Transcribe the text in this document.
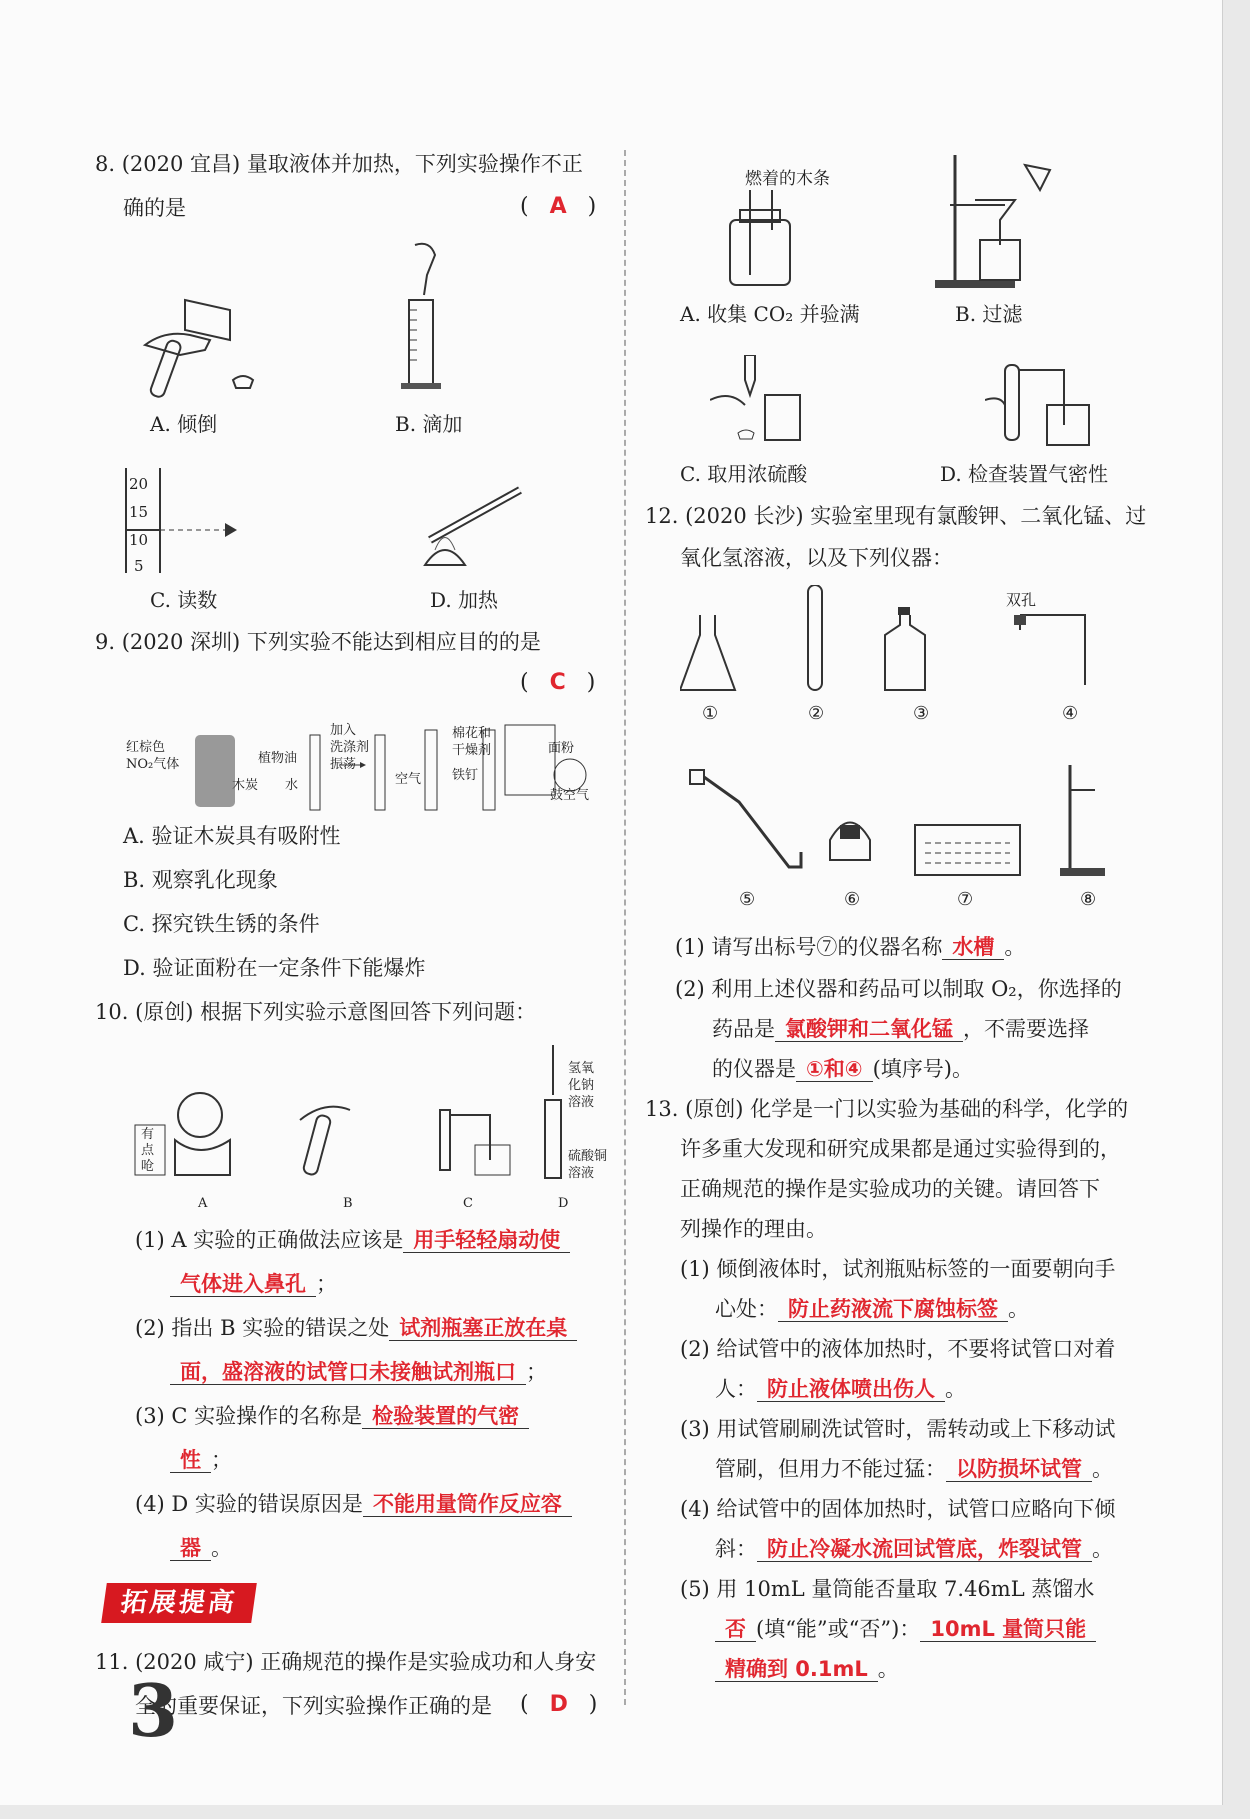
8. (2020 宜昌) 量取液体并加热，下列实验操作不正
确的是	(   A   )
A. 倾倒	B. 滴加
20
15
10
5
C. 读数	D. 加热
9. (2020 深圳) 下列实验不能达到相应目的的是
(   C   )
红棕色
NO₂气体
木炭
植物油
水
加入
洗涤剂
振荡
空气
棉花和
干燥剂
铁钉
面粉
鼓空气
A. 验证木炭具有吸附性
B. 观察乳化现象
C. 探究铁生锈的条件
D. 验证面粉在一定条件下能爆炸
10. (原创) 根据下列实验示意图回答下列问题：
有点呛
氢氧化钠溶液
硫酸铜溶液
A	B	C	D
(1) A 实验的正确做法应该是 用手轻轻扇动使
气体进入鼻孔 ；
(2) 指出 B 实验的错误之处 试剂瓶塞正放在桌
面，盛溶液的试管口未接触试剂瓶口 ；
(3) C 实验操作的名称是 检验装置的气密
性 ；
(4) D 实验的错误原因是 不能用量筒作反应容
器 。
拓展提高
11. (2020 咸宁) 正确规范的操作是实验成功和人身安
全的重要保证，下列实验操作正确的是 (   D   )
3
燃着的木条
A. 收集 CO₂ 并验满	B. 过滤
C. 取用浓硫酸	D. 检查装置气密性
12. (2020 长沙) 实验室里现有氯酸钾、二氧化锰、过
氧化氢溶液，以及下列仪器：
双孔
①	②	③	④
⑤	⑥	⑦	⑧
(1) 请写出标号⑦的仪器名称 水槽 。
(2) 利用上述仪器和药品可以制取 O₂，你选择的
药品是 氯酸钾和二氧化锰 ，不需要选择
的仪器是 ①和④ (填序号)。
13. (原创) 化学是一门以实验为基础的科学，化学的
许多重大发现和研究成果都是通过实验得到的，
正确规范的操作是实验成功的关键。请回答下
列操作的理由。
(1) 倾倒液体时，试剂瓶贴标签的一面要朝向手
心处： 防止药液流下腐蚀标签 。
(2) 给试管中的液体加热时，不要将试管口对着
人： 防止液体喷出伤人 。
(3) 用试管刷刷洗试管时，需转动或上下移动试
管刷，但用力不能过猛： 以防损坏试管 。
(4) 给试管中的固体加热时，试管口应略向下倾
斜： 防止冷凝水流回试管底，炸裂试管 。
(5) 用 10mL 量筒能否量取 7.46mL 蒸馏水
否 (填“能”或“否”)： 10mL 量筒只能
精确到 0.1mL 。
